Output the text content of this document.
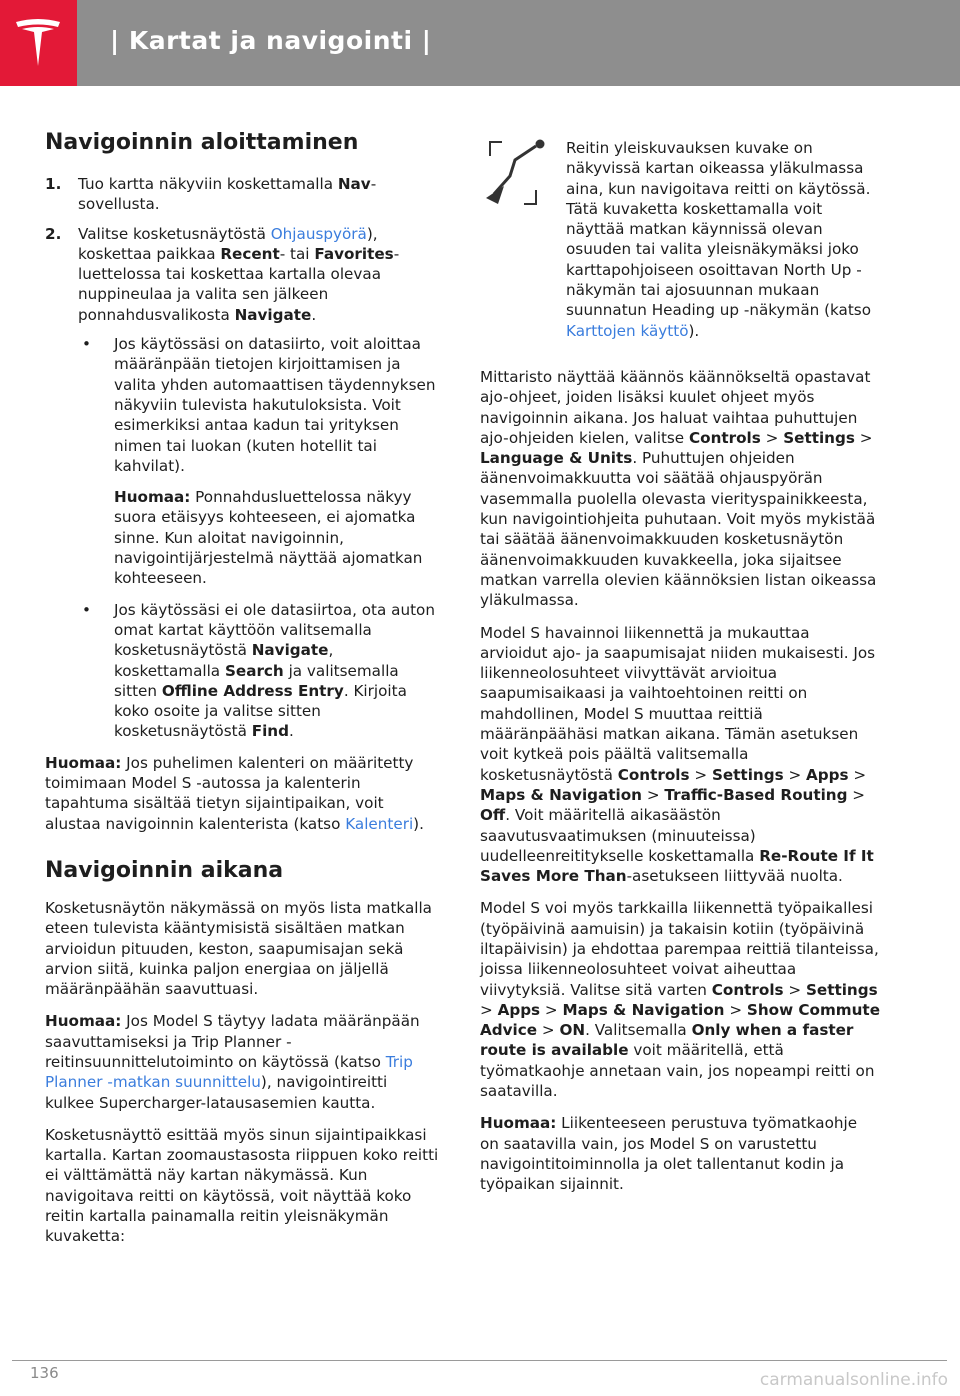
| Kartat ja navigointi |
Navigoinnin aloittaminen
1. Tuo kartta näkyviin koskettamalla Nav-sovellusta.
2. Valitse kosketusnäytöstä Ohjauspyörä), koskettaa paikkaa Recent- tai Favorites-luettelossa tai koskettaa kartalla olevaa nuppineulaa ja valita sen jälkeen ponnahdusvalikosta Navigate.
• Jos käytössäsi on datasiirto, voit aloittaa määränpään tietojen kirjoittamisen ja valita yhden automaattisen täydennyksen näkyviin tulevista hakutuloksista. Voit esimerkiksi antaa kadun tai yrityksen nimen tai luokan (kuten hotellit tai kahvilat).

Huomaa: Ponnahdusluettelossa näkyy suora etäisyys kohteeseen, ei ajomatka sinne. Kun aloitat navigoinnin, navigointijärjestelmä näyttää ajomatkan kohteeseen.

• Jos käytössäsi ei ole datasiirtoa, ota auton omat kartat käyttöön valitsemalla kosketusnäytöstä Navigate, koskettamalla Search ja valitsemalla sitten Offline Address Entry. Kirjoita koko osoite ja valitse sitten kosketusnäytöstä Find.

Huomaa: Jos puhelimen kalenteri on määritetty toimimaan Model S -autossa ja kalenterin tapahtuma sisältää tietyn sijaintipaikan, voit alustaa navigoinnin kalenterista (katso Kalenteri).

Navigoinnin aikana

Kosketusnäytön näkymässä on myös lista matkalla eteen tulevista kääntymisistä sisältäen matkan arvioidun pituuden, keston, saapumisajan sekä arvion siitä, kuinka paljon energiaa on jäljellä määränpäähän saavuttuasi.

Huomaa: Jos Model S täytyy ladata määränpään saavuttamiseksi ja Trip Planner -reitinsuunnittelutoiminto on käytössä (katso Trip Planner -matkan suunnittelu), navigointireitti kulkee Supercharger-latausasemien kautta.

Kosketusnäyttö esittää myös sinun sijaintipaikkasi kartalla. Kartan zoomaustasosta riippuen koko reitti ei välttämättä näy kartan näkymässä. Kun navigoitava reitti on käytössä, voit näyttää koko reitin kartalla painamalla reitin yleisnäkymän kuvaketta:

Reitin yleiskuvauksen kuvake on näkyvissä kartan oikeassa yläkulmassa aina, kun navigoitava reitti on käytössä. Tätä kuvaketta koskettamalla voit näyttää matkan käynnissä olevan osuuden tai valita yleisnäkymäksi joko karttapohjoiseen osoittavan North Up -näkymän tai ajosuunnan mukaan suunnatun Heading up -näkymän (katso Karttojen käyttö).

Mittaristo näyttää käännös käännökseltä opastavat ajo-ohjeet, joiden lisäksi kuulet ohjeet myös navigoinnin aikana. Jos haluat vaihtaa puhuttujen ajo-ohjeiden kielen, valitse Controls > Settings > Language & Units. Puhuttujen ohjeiden äänenvoimakkuutta voi säätää ohjauspyörän vasemmalla puolella olevasta vierityspainikkeesta, kun navigointiohjeita puhutaan. Voit myös mykistää tai säätää äänenvoimakkuuden kosketusnäytön äänenvoimakkuuden kuvakkeella, joka sijaitsee matkan varrella olevien käännöksien listan oikeassa yläkulmassa.

Model S havainnoi liikennettä ja mukauttaa arvioidut ajo- ja saapumisajat niiden mukaisesti. Jos liikenneolosuhteet viivyttävät arvioitua saapumisaikaasi ja vaihtoehtoinen reitti on mahdollinen, Model S muuttaa reittiä määränpäähäsi matkan aikana. Tämän asetuksen voit kytkeä pois päältä valitsemalla kosketusnäytöstä Controls > Settings > Apps > Maps & Navigation > Traffic-Based Routing > Off. Voit määritellä aikasäästön saavutusvaatimuksen (minuuteissa) uudelleenreititykselle koskettamalla Re-Route If It Saves More Than-asetukseen liittyvää nuolta.

Model S voi myös tarkkailla liikennettä työpaikallesi (työpäivinä aamuisin) ja takaisin kotiin (työpäivinä iltapäivisin) ja ehdottaa parempaa reittiä tilanteissa, joissa liikenneolosuhteet voivat aiheuttaa viivytyksiä. Valitse sitä varten Controls > Settings > Apps > Maps & Navigation > Show Commute Advice > ON. Valitsemalla Only when a faster route is available voit määritellä, että työmatkaohje annetaan vain, jos nopeampi reitti on saatavilla.

Huomaa: Liikenteeseen perustuva työmatkaohje on saatavilla vain, jos Model S on varustettu navigointitoiminnolla ja olet tallentanut kodin ja työpaikan sijainnit.

136	carmanualsonline.info
